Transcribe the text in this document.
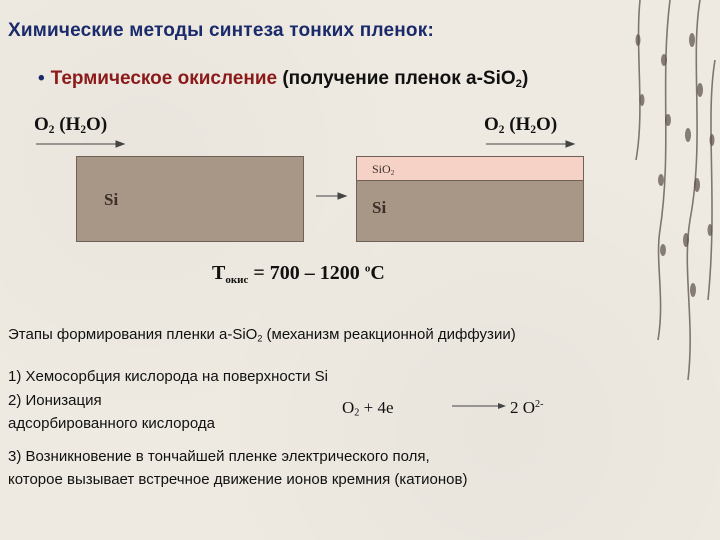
Химические методы синтеза тонких пленок:
• Термическое окисление (получение пленок a-SiO$_2$)
$O_2$ $(H_2O)$	$O_2$ $(H_2O)$
Si
SiO$_2$
Si
$T_{окис} = 700 - 1200$ $^о$С
Этапы формирования пленки a-SiO$_2$ (механизм реакционной диффузии)
1) Хемосорбция кислорода на поверхности Si
2) Ионизация
адсорбированного кислорода
$O_2 + 4e$	2 $O^{2-}$
3) Возникновение в тончайшей пленке электрического поля,
которое вызывает встречное движение ионов кремния (катионов)
